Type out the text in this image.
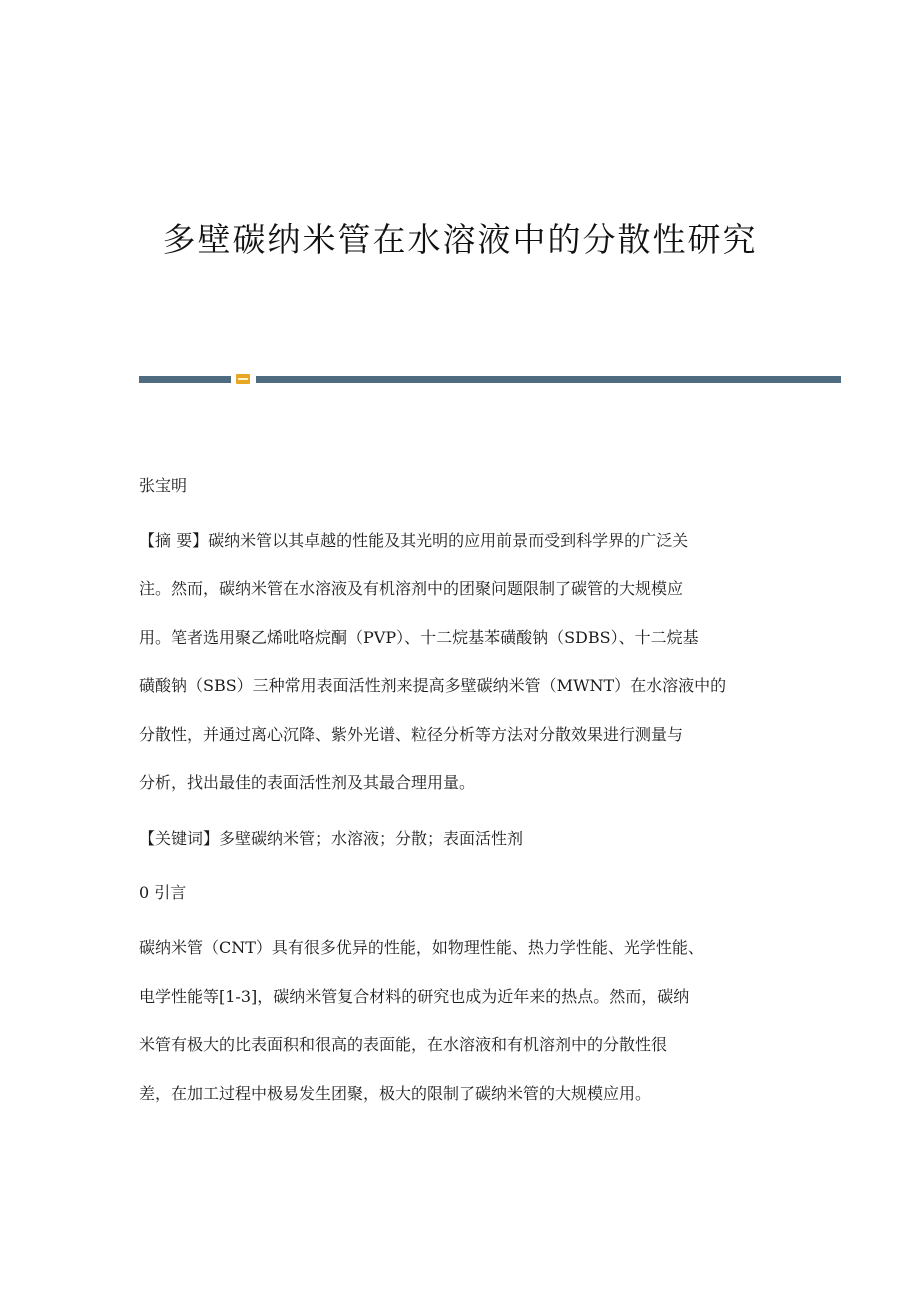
多壁碳纳米管在水溶液中的分散性研究
张宝明
【摘 要】碳纳米管以其卓越的性能及其光明的应用前景而受到科学界的广泛关
注。然而，碳纳米管在水溶液及有机溶剂中的团聚问题限制了碳管的大规模应
用。笔者选用聚乙烯吡咯烷酮（PVP）、十二烷基苯磺酸钠（SDBS）、十二烷基
磺酸钠（SBS）三种常用表面活性剂来提高多壁碳纳米管（MWNT）在水溶液中的
分散性，并通过离心沉降、紫外光谱、粒径分析等方法对分散效果进行测量与
分析，找出最佳的表面活性剂及其最合理用量。
【关键词】多壁碳纳米管；水溶液；分散；表面活性剂
0 引言
碳纳米管（CNT）具有很多优异的性能，如物理性能、热力学性能、光学性能、
电学性能等[1-3]，碳纳米管复合材料的研究也成为近年来的热点。然而，碳纳
米管有极大的比表面积和很高的表面能，在水溶液和有机溶剂中的分散性很
差，在加工过程中极易发生团聚，极大的限制了碳纳米管的大规模应用。
